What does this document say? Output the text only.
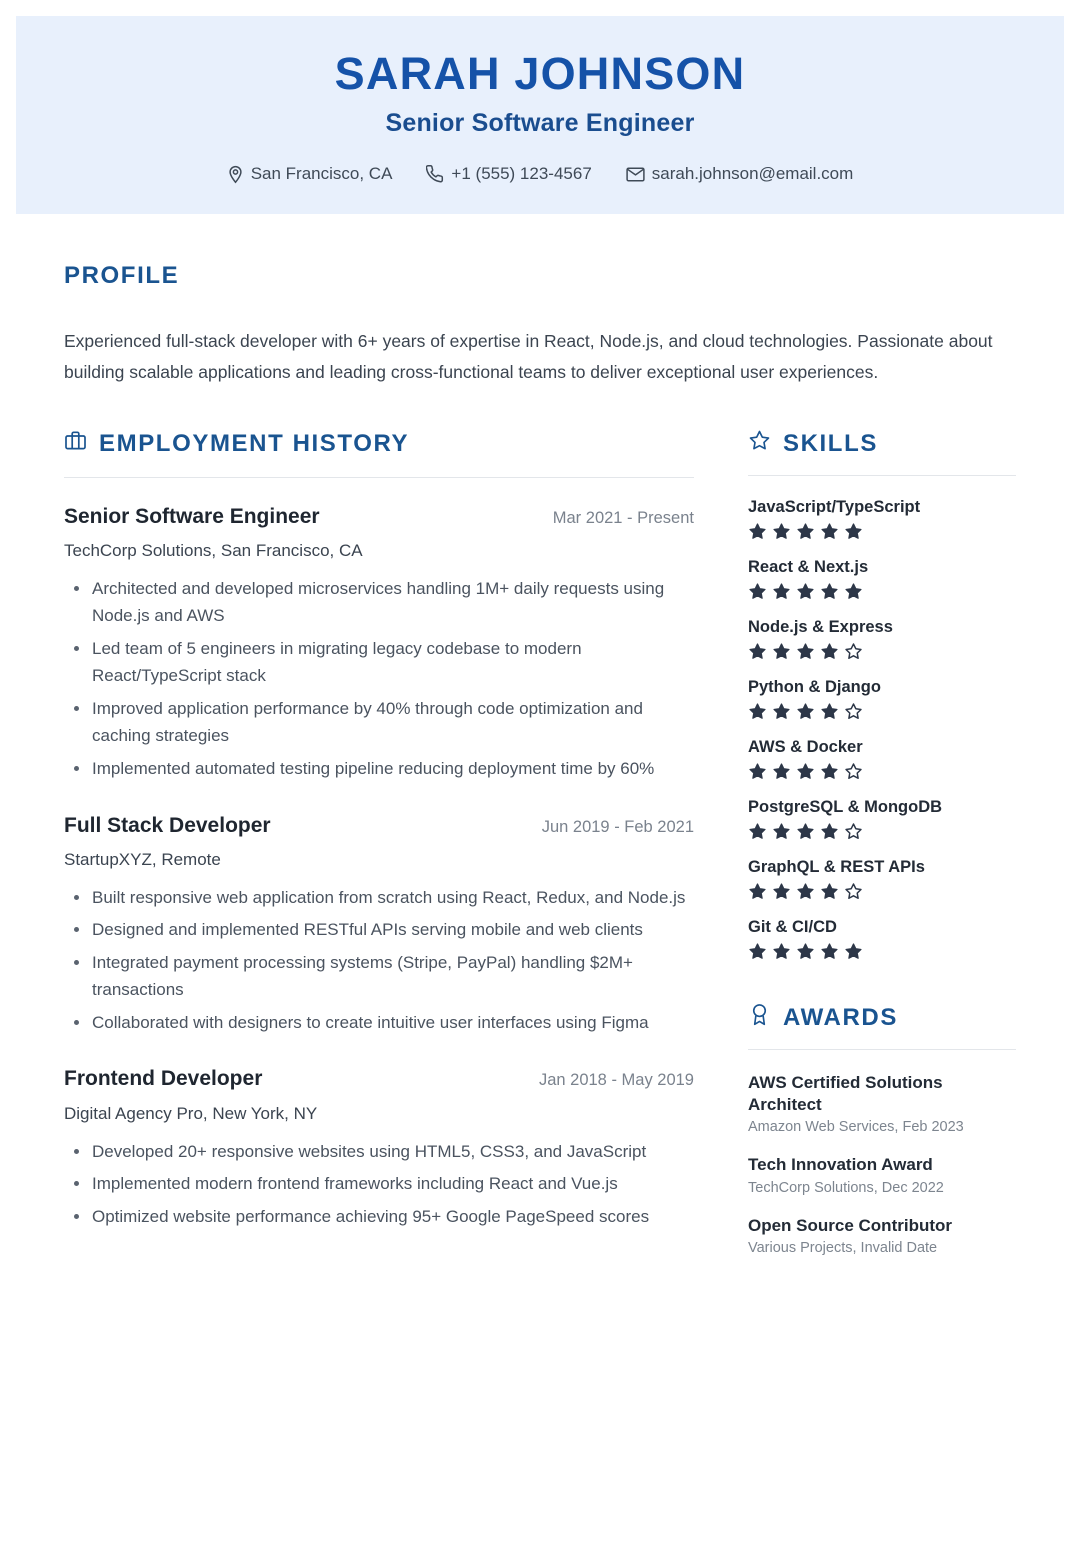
SARAH JOHNSON
Senior Software Engineer
San Francisco, CA	+1 (555) 123-4567	sarah.johnson@email.com
PROFILE
Experienced full-stack developer with 6+ years of expertise in React, Node.js, and cloud technologies. Passionate about building scalable applications and leading cross-functional teams to deliver exceptional user experiences.
EMPLOYMENT HISTORY
Senior Software Engineer	Mar 2021 - Present
TechCorp Solutions, San Francisco, CA
Architected and developed microservices handling 1M+ daily requests using Node.js and AWS
Led team of 5 engineers in migrating legacy codebase to modern React/TypeScript stack
Improved application performance by 40% through code optimization and caching strategies
Implemented automated testing pipeline reducing deployment time by 60%
Full Stack Developer	Jun 2019 - Feb 2021
StartupXYZ, Remote
Built responsive web application from scratch using React, Redux, and Node.js
Designed and implemented RESTful APIs serving mobile and web clients
Integrated payment processing systems (Stripe, PayPal) handling $2M+ transactions
Collaborated with designers to create intuitive user interfaces using Figma
Frontend Developer	Jan 2018 - May 2019
Digital Agency Pro, New York, NY
Developed 20+ responsive websites using HTML5, CSS3, and JavaScript
Implemented modern frontend frameworks including React and Vue.js
Optimized website performance achieving 95+ Google PageSpeed scores
SKILLS
JavaScript/TypeScript
React & Next.js
Node.js & Express
Python & Django
AWS & Docker
PostgreSQL & MongoDB
GraphQL & REST APIs
Git & CI/CD
AWARDS
AWS Certified Solutions Architect
Amazon Web Services, Feb 2023
Tech Innovation Award
TechCorp Solutions, Dec 2022
Open Source Contributor
Various Projects, Invalid Date
